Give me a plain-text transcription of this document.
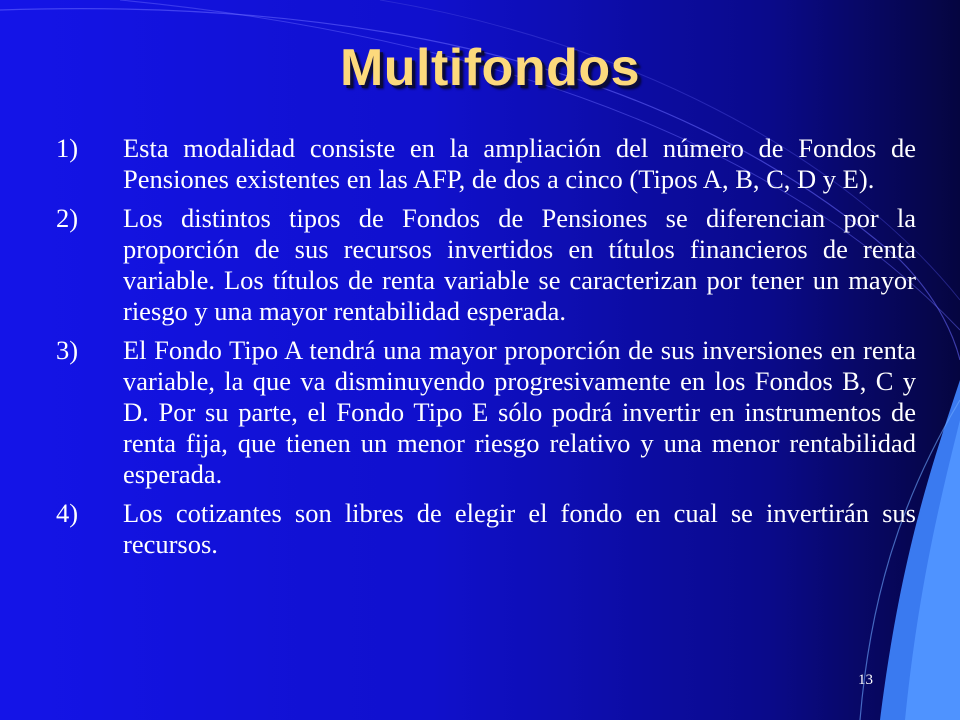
Multifondos
1)	Esta modalidad consiste en la ampliación del número de Fondos de Pensiones existentes en las AFP, de dos a cinco (Tipos A, B, C, D y E).
2)	Los distintos tipos de Fondos de Pensiones se diferencian por la proporción de sus recursos invertidos en títulos financieros de renta variable. Los títulos de renta variable se caracterizan por tener un mayor riesgo y una mayor rentabilidad esperada.
3)	El Fondo Tipo A tendrá una mayor proporción de sus inversiones en renta variable, la que va disminuyendo progresivamente en los Fondos B, C y D. Por su parte, el Fondo Tipo E sólo podrá invertir en instrumentos de renta fija, que tienen un menor riesgo relativo y una menor rentabilidad esperada.
4)	Los cotizantes son libres de elegir el fondo en cual se invertirán sus recursos.
13
